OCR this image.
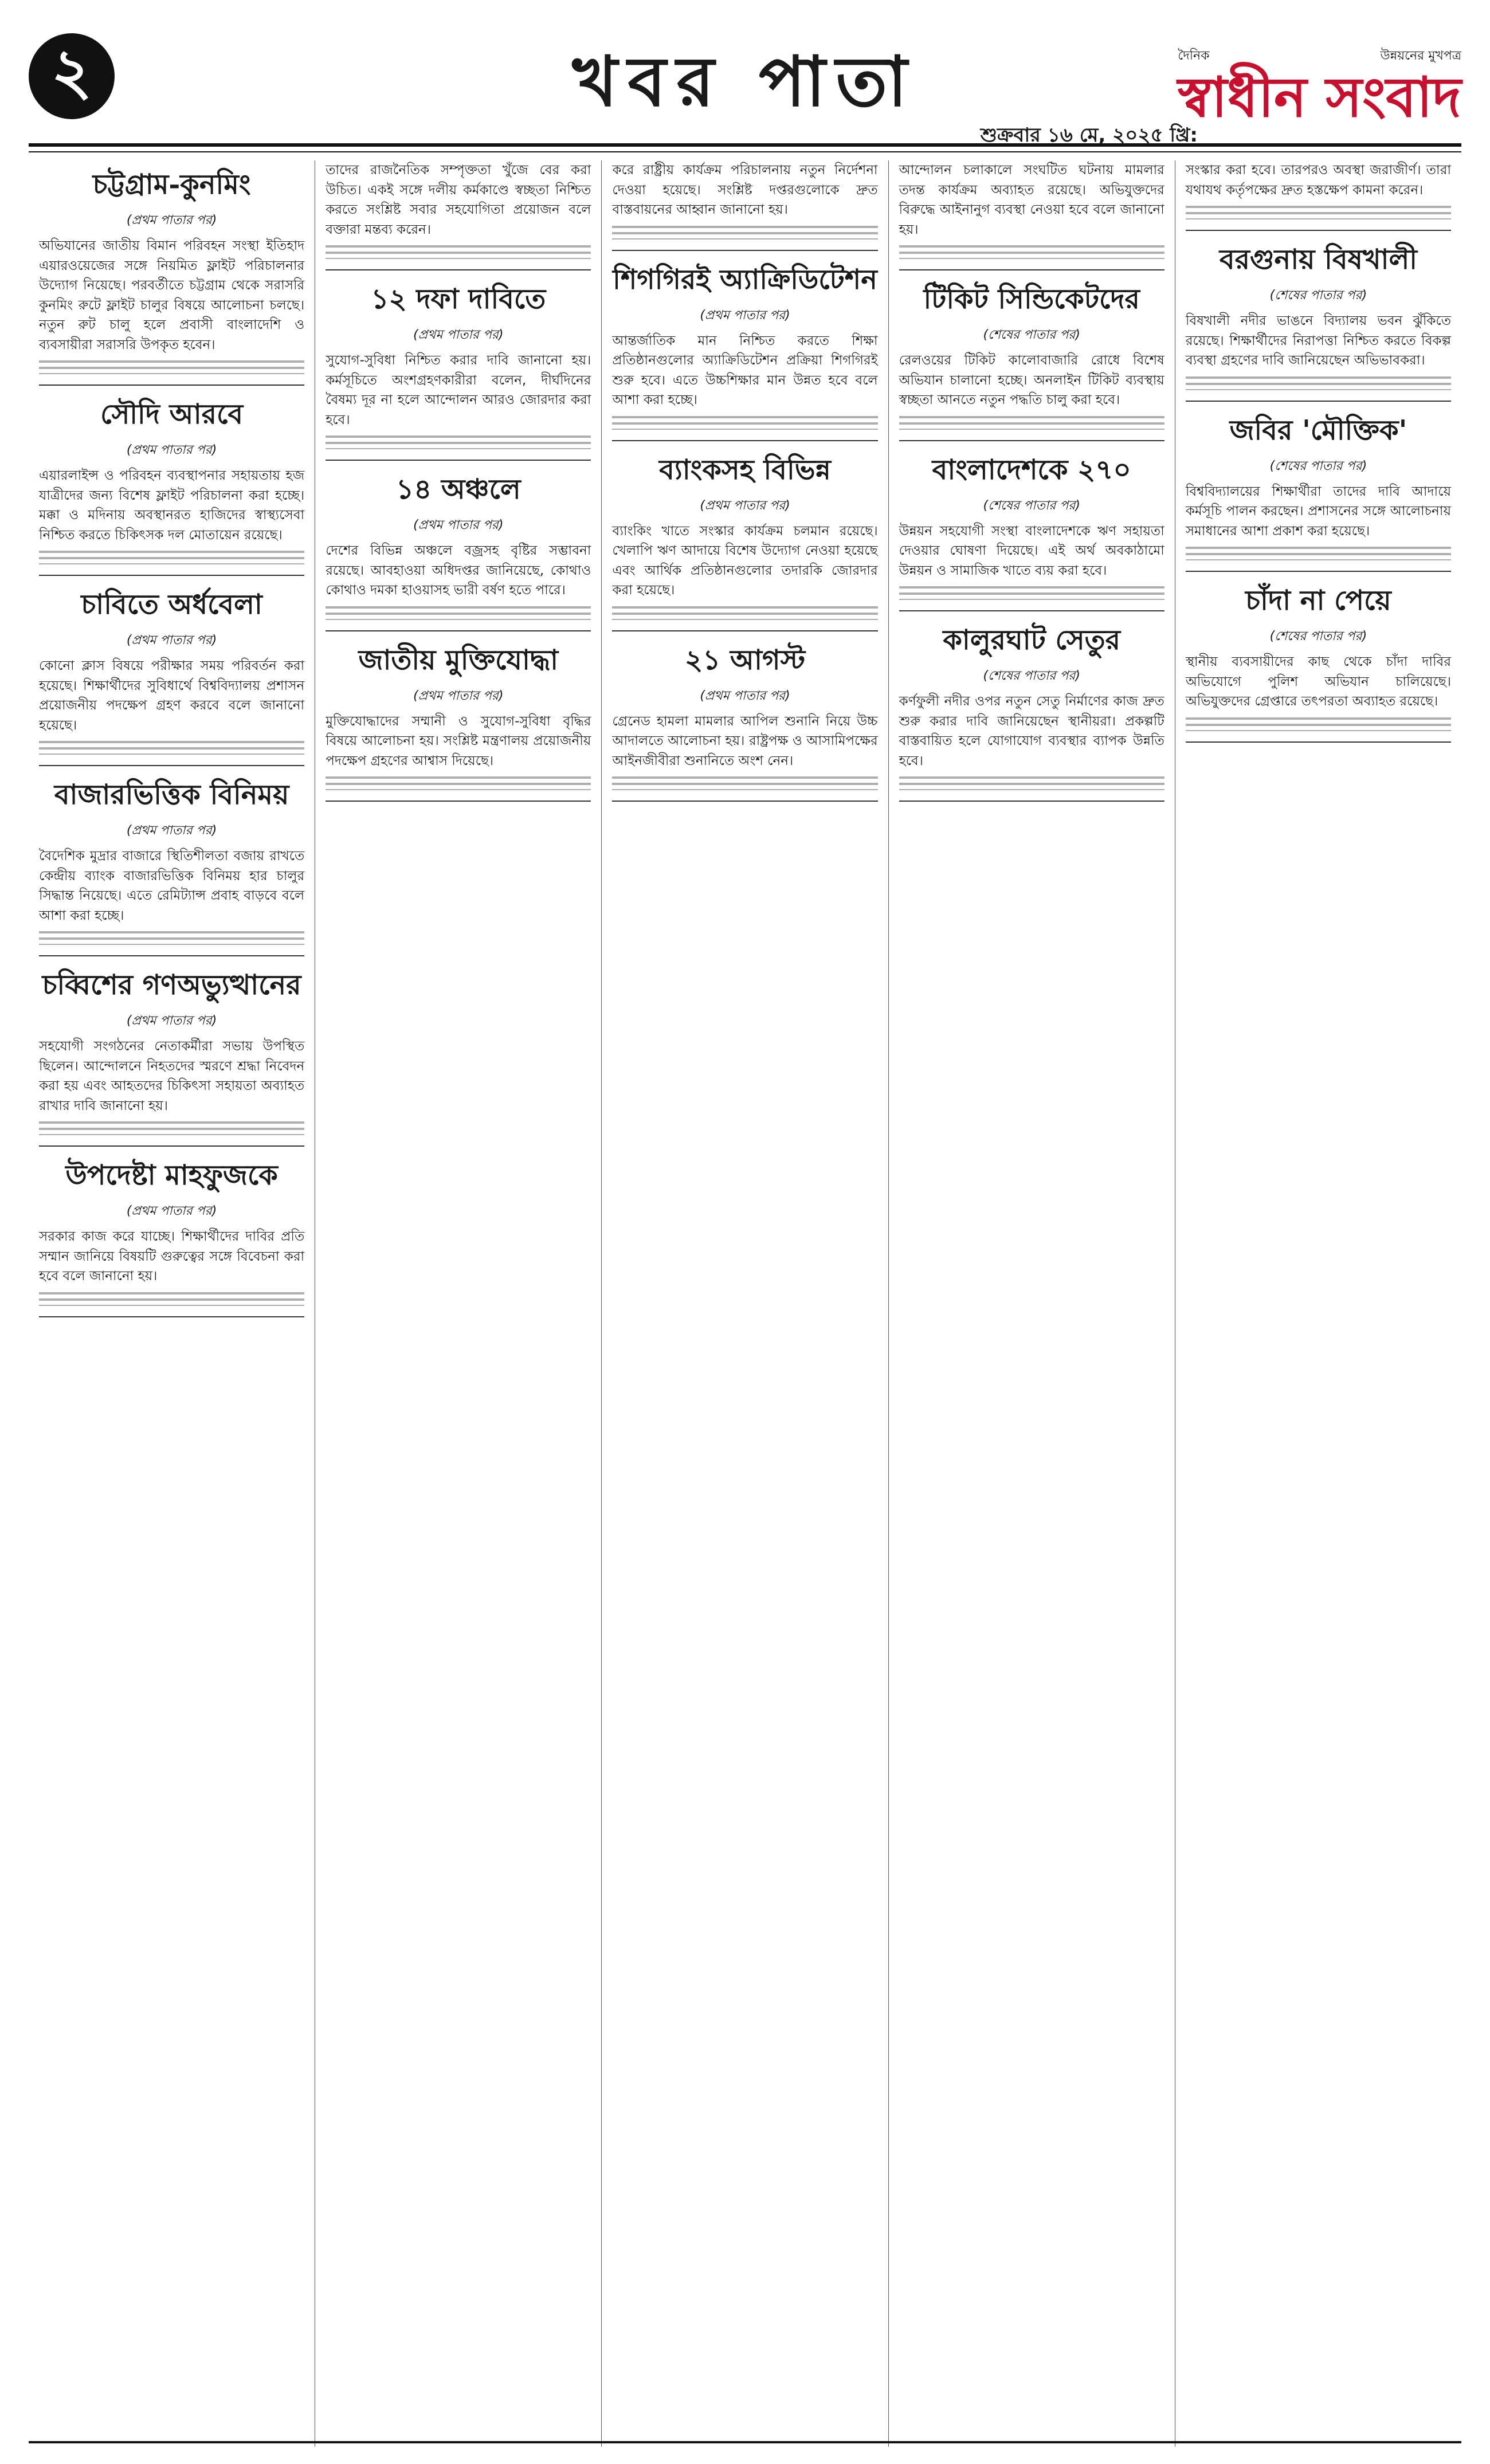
২	খবর পাতা
শুক্রবার ১৬ মে, ২০২৫ খ্রি:
দৈনিক	উন্নয়নের মুখপত্র
স্বাধীন সংবাদ
চট্টগ্রাম-কুনমিং
(প্রথম পাতার পর)
অভিযানের জাতীয় বিমান পরিবহন সংস্থা ইতিহাদ এয়ারওয়েজের সঙ্গে নিয়মিত ফ্লাইট পরিচালনার উদ্যোগ নিয়েছে। পরবর্তীতে চট্টগ্রাম থেকে সরাসরি কুনমিং রুটে ফ্লাইট চালুর বিষয়ে আলোচনা চলছে। নতুন রুট চালু হলে প্রবাসী বাংলাদেশি ও ব্যবসায়ীরা সরাসরি উপকৃত হবেন।
সৌদি আরবে
(প্রথম পাতার পর)
এয়ারলাইন্স ও পরিবহন ব্যবস্থাপনার সহায়তায় হজ যাত্রীদের জন্য বিশেষ ফ্লাইট পরিচালনা করা হচ্ছে। মক্কা ও মদিনায় অবস্থানরত হাজিদের স্বাস্থ্যসেবা নিশ্চিত করতে চিকিৎসক দল মোতায়েন রয়েছে।
চাবিতে অর্ধবেলা
(প্রথম পাতার পর)
কোনো ক্লাস বিষয়ে পরীক্ষার সময় পরিবর্তন করা হয়েছে। শিক্ষার্থীদের সুবিধার্থে বিশ্ববিদ্যালয় প্রশাসন প্রয়োজনীয় পদক্ষেপ গ্রহণ করবে বলে জানানো হয়েছে।
বাজারভিত্তিক বিনিময়
(প্রথম পাতার পর)
বৈদেশিক মুদ্রার বাজারে স্থিতিশীলতা বজায় রাখতে কেন্দ্রীয় ব্যাংক বাজারভিত্তিক বিনিময় হার চালুর সিদ্ধান্ত নিয়েছে। এতে রেমিট্যান্স প্রবাহ বাড়বে বলে আশা করা হচ্ছে।
চব্বিশের গণঅভ্যুত্থানের
(প্রথম পাতার পর)
সহযোগী সংগঠনের নেতাকর্মীরা সভায় উপস্থিত ছিলেন। আন্দোলনে নিহতদের স্মরণে শ্রদ্ধা নিবেদন করা হয় এবং আহতদের চিকিৎসা সহায়তা অব্যাহত রাখার দাবি জানানো হয়।
উপদেষ্টা মাহফুজকে
(প্রথম পাতার পর)
সরকার কাজ করে যাচ্ছে। শিক্ষার্থীদের দাবির প্রতি সম্মান জানিয়ে বিষয়টি গুরুত্বের সঙ্গে বিবেচনা করা হবে বলে জানানো হয়।
তাদের রাজনৈতিক সম্পৃক্ততা খুঁজে বের করা উচিত। একই সঙ্গে দলীয় কর্মকাণ্ডে স্বচ্ছতা নিশ্চিত করতে সংশ্লিষ্ট সবার সহযোগিতা প্রয়োজন বলে বক্তারা মন্তব্য করেন।
১২ দফা দাবিতে
(প্রথম পাতার পর)
সুযোগ-সুবিধা নিশ্চিত করার দাবি জানানো হয়। কর্মসূচিতে অংশগ্রহণকারীরা বলেন, দীর্ঘদিনের বৈষম্য দূর না হলে আন্দোলন আরও জোরদার করা হবে।
১৪ অঞ্চলে
(প্রথম পাতার পর)
দেশের বিভিন্ন অঞ্চলে বজ্রসহ বৃষ্টির সম্ভাবনা রয়েছে। আবহাওয়া অধিদপ্তর জানিয়েছে, কোথাও কোথাও দমকা হাওয়াসহ ভারী বর্ষণ হতে পারে।
জাতীয় মুক্তিযোদ্ধা
(প্রথম পাতার পর)
মুক্তিযোদ্ধাদের সম্মানী ও সুযোগ-সুবিধা বৃদ্ধির বিষয়ে আলোচনা হয়। সংশ্লিষ্ট মন্ত্রণালয় প্রয়োজনীয় পদক্ষেপ গ্রহণের আশ্বাস দিয়েছে।
করে রাষ্ট্রীয় কার্যক্রম পরিচালনায় নতুন নির্দেশনা দেওয়া হয়েছে। সংশ্লিষ্ট দপ্তরগুলোকে দ্রুত বাস্তবায়নের আহ্বান জানানো হয়।
শিগগিরই অ্যাক্রিডিটেশন
(প্রথম পাতার পর)
আন্তর্জাতিক মান নিশ্চিত করতে শিক্ষা প্রতিষ্ঠানগুলোর অ্যাক্রিডিটেশন প্রক্রিয়া শিগগিরই শুরু হবে। এতে উচ্চশিক্ষার মান উন্নত হবে বলে আশা করা হচ্ছে।
ব্যাংকসহ বিভিন্ন
(প্রথম পাতার পর)
ব্যাংকিং খাতে সংস্কার কার্যক্রম চলমান রয়েছে। খেলাপি ঋণ আদায়ে বিশেষ উদ্যোগ নেওয়া হয়েছে এবং আর্থিক প্রতিষ্ঠানগুলোর তদারকি জোরদার করা হয়েছে।
২১ আগস্ট
(প্রথম পাতার পর)
গ্রেনেড হামলা মামলার আপিল শুনানি নিয়ে উচ্চ আদালতে আলোচনা হয়। রাষ্ট্রপক্ষ ও আসামিপক্ষের আইনজীবীরা শুনানিতে অংশ নেন।
আন্দোলন চলাকালে সংঘটিত ঘটনায় মামলার তদন্ত কার্যক্রম অব্যাহত রয়েছে। অভিযুক্তদের বিরুদ্ধে আইনানুগ ব্যবস্থা নেওয়া হবে বলে জানানো হয়।
টিকিট সিন্ডিকেটদের
(শেষের পাতার পর)
রেলওয়ের টিকিট কালোবাজারি রোধে বিশেষ অভিযান চালানো হচ্ছে। অনলাইন টিকিট ব্যবস্থায় স্বচ্ছতা আনতে নতুন পদ্ধতি চালু করা হবে।
বাংলাদেশকে ২৭০
(শেষের পাতার পর)
উন্নয়ন সহযোগী সংস্থা বাংলাদেশকে ঋণ সহায়তা দেওয়ার ঘোষণা দিয়েছে। এই অর্থ অবকাঠামো উন্নয়ন ও সামাজিক খাতে ব্যয় করা হবে।
কালুরঘাট সেতুর
(শেষের পাতার পর)
কর্ণফুলী নদীর ওপর নতুন সেতু নির্মাণের কাজ দ্রুত শুরু করার দাবি জানিয়েছেন স্থানীয়রা। প্রকল্পটি বাস্তবায়িত হলে যোগাযোগ ব্যবস্থার ব্যাপক উন্নতি হবে।
সংস্কার করা হবে। তারপরও অবস্থা জরাজীর্ণ। তারা যথাযথ কর্তৃপক্ষের দ্রুত হস্তক্ষেপ কামনা করেন।
বরগুনায় বিষখালী
(শেষের পাতার পর)
বিষখালী নদীর ভাঙনে বিদ্যালয় ভবন ঝুঁকিতে রয়েছে। শিক্ষার্থীদের নিরাপত্তা নিশ্চিত করতে বিকল্প ব্যবস্থা গ্রহণের দাবি জানিয়েছেন অভিভাবকরা।
জবির 'মৌক্তিক'
(শেষের পাতার পর)
বিশ্ববিদ্যালয়ের শিক্ষার্থীরা তাদের দাবি আদায়ে কর্মসূচি পালন করছেন। প্রশাসনের সঙ্গে আলোচনায় সমাধানের আশা প্রকাশ করা হয়েছে।
চাঁদা না পেয়ে
(শেষের পাতার পর)
স্থানীয় ব্যবসায়ীদের কাছ থেকে চাঁদা দাবির অভিযোগে পুলিশ অভিযান চালিয়েছে। অভিযুক্তদের গ্রেপ্তারে তৎপরতা অব্যাহত রয়েছে।
